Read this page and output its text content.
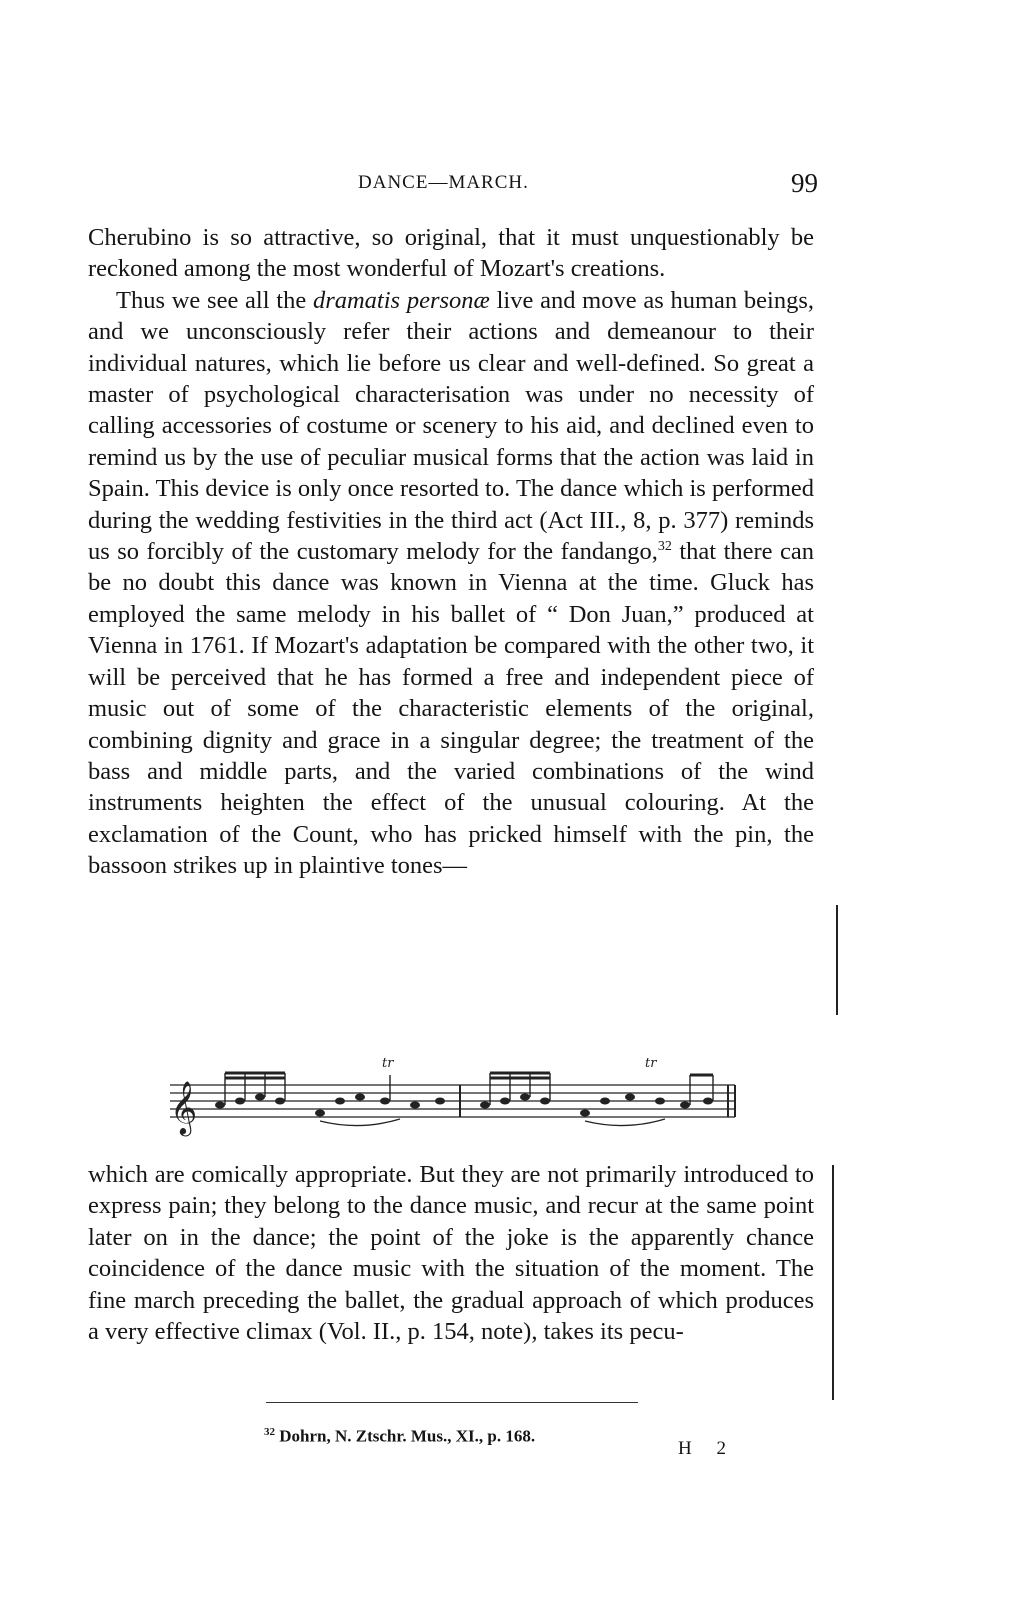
DANCE—MARCH.	99

Cherubino is so attractive, so original, that it must unquestionably be reckoned among the most wonderful of Mozart's creations.

Thus we see all the dramatis personæ live and move as human beings, and we unconsciously refer their actions and demeanour to their individual natures, which lie before us clear and well-defined. So great a master of psychological characterisation was under no necessity of calling accessories of costume or scenery to his aid, and declined even to remind us by the use of peculiar musical forms that the action was laid in Spain. This device is only once resorted to. The dance which is performed during the wedding festivities in the third act (Act III., 8, p. 377) reminds us so forcibly of the customary melody for the fandango,$^{32}$ that there can be no doubt this dance was known in Vienna at the time. Gluck has employed the same melody in his ballet of “ Don Juan,” produced at Vienna in 1761. If Mozart's adaptation be compared with the other two, it will be perceived that he has formed a free and independent piece of music out of some of the characteristic elements of the original, combining dignity and grace in a singular degree; the treatment of the bass and middle parts, and the varied combinations of the wind instruments heighten the effect of the unusual colouring. At the exclamation of the Count, who has pricked himself with the pin, the bassoon strikes up in plaintive tones—

𝄞
tr	tr

which are comically appropriate. But they are not primarily introduced to express pain; they belong to the dance music, and recur at the same point later on in the dance; the point of the joke is the apparently chance coincidence of the dance music with the situation of the moment. The fine march preceding the ballet, the gradual approach of which produces a very effective climax (Vol. II., p. 154, note), takes its pecu-

$^{32}$ Dohrn, N. Ztschr. Mus., XI., p. 168.
H 2
